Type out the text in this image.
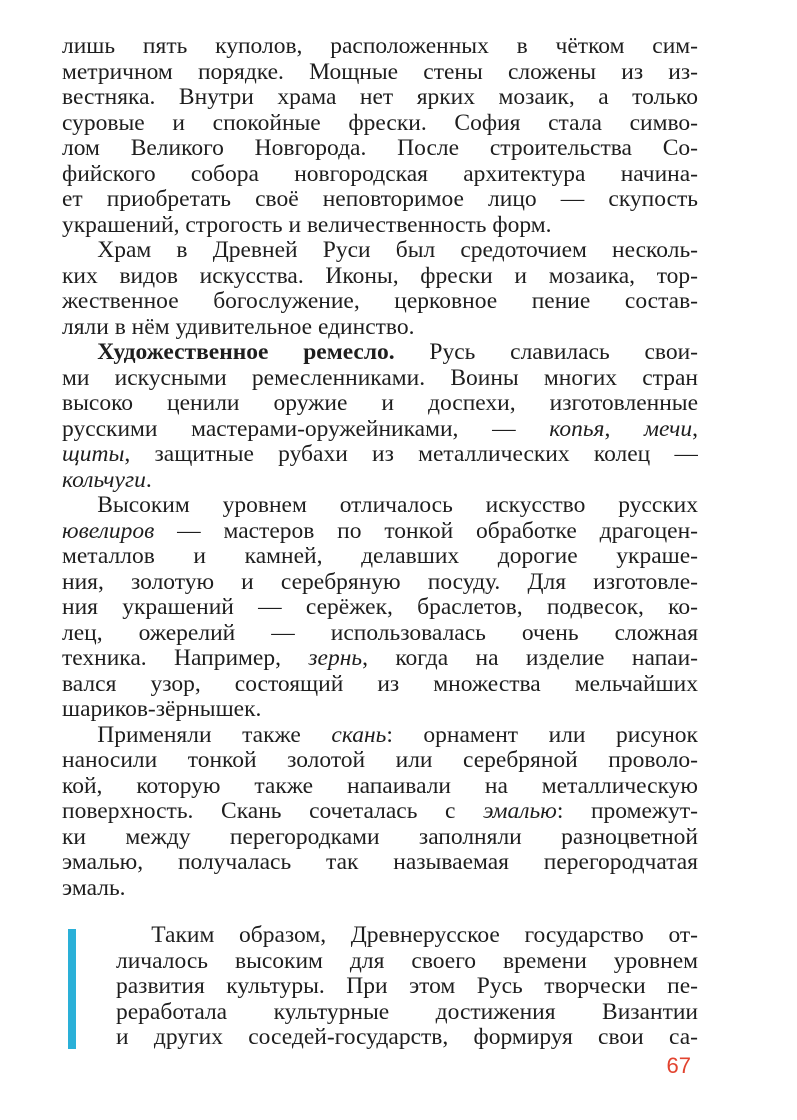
лишь пять куполов, расположенных в чётком сим-
метричном порядке. Мощные стены сложены из из-
вестняка. Внутри храма нет ярких мозаик, а только
суровые и спокойные фрески. София стала симво-
лом Великого Новгорода. После строительства Со-
фийского собора новгородская архитектура начина-
ет приобретать своё неповторимое лицо — скупость
украшений, строгость и величественность форм.
  Храм в Древней Руси был средоточием несколь-
ких видов искусства. Иконы, фрески и мозаика, тор-
жественное богослужение, церковное пение состав-
ляли в нём удивительное единство.
  Художественное ремесло. Русь славилась свои-
ми искусными ремесленниками. Воины многих стран
высоко ценили оружие и доспехи, изготовленные
русскими мастерами-оружейниками, — копья, мечи,
щиты, защитные рубахи из металлических колец —
кольчуги.
  Высоким уровнем отличалось искусство русских
ювелиров — мастеров по тонкой обработке драгоцен-
металлов и камней, делавших дорогие украше-
ния, золотую и серебряную посуду. Для изготовле-
ния украшений — серёжек, браслетов, подвесок, ко-
лец, ожерелий — использовалась очень сложная
техника. Например, зернь, когда на изделие напаи-
вался узор, состоящий из множества мельчайших
шариков-зёрнышек.
  Применяли также скань: орнамент или рисунок
наносили тонкой золотой или серебряной проволо-
кой, которую также напаивали на металлическую
поверхность. Скань сочеталась с эмалью: промежут-
ки между перегородками заполняли разноцветной
эмалью, получалась так называемая перегородчатая
эмаль.
  Таким образом, Древнерусское государство от-
личалось высоким для своего времени уровнем
развития культуры. При этом Русь творчески пе-
реработала культурные достижения Византии
и других соседей-государств, формируя свои са-
67
